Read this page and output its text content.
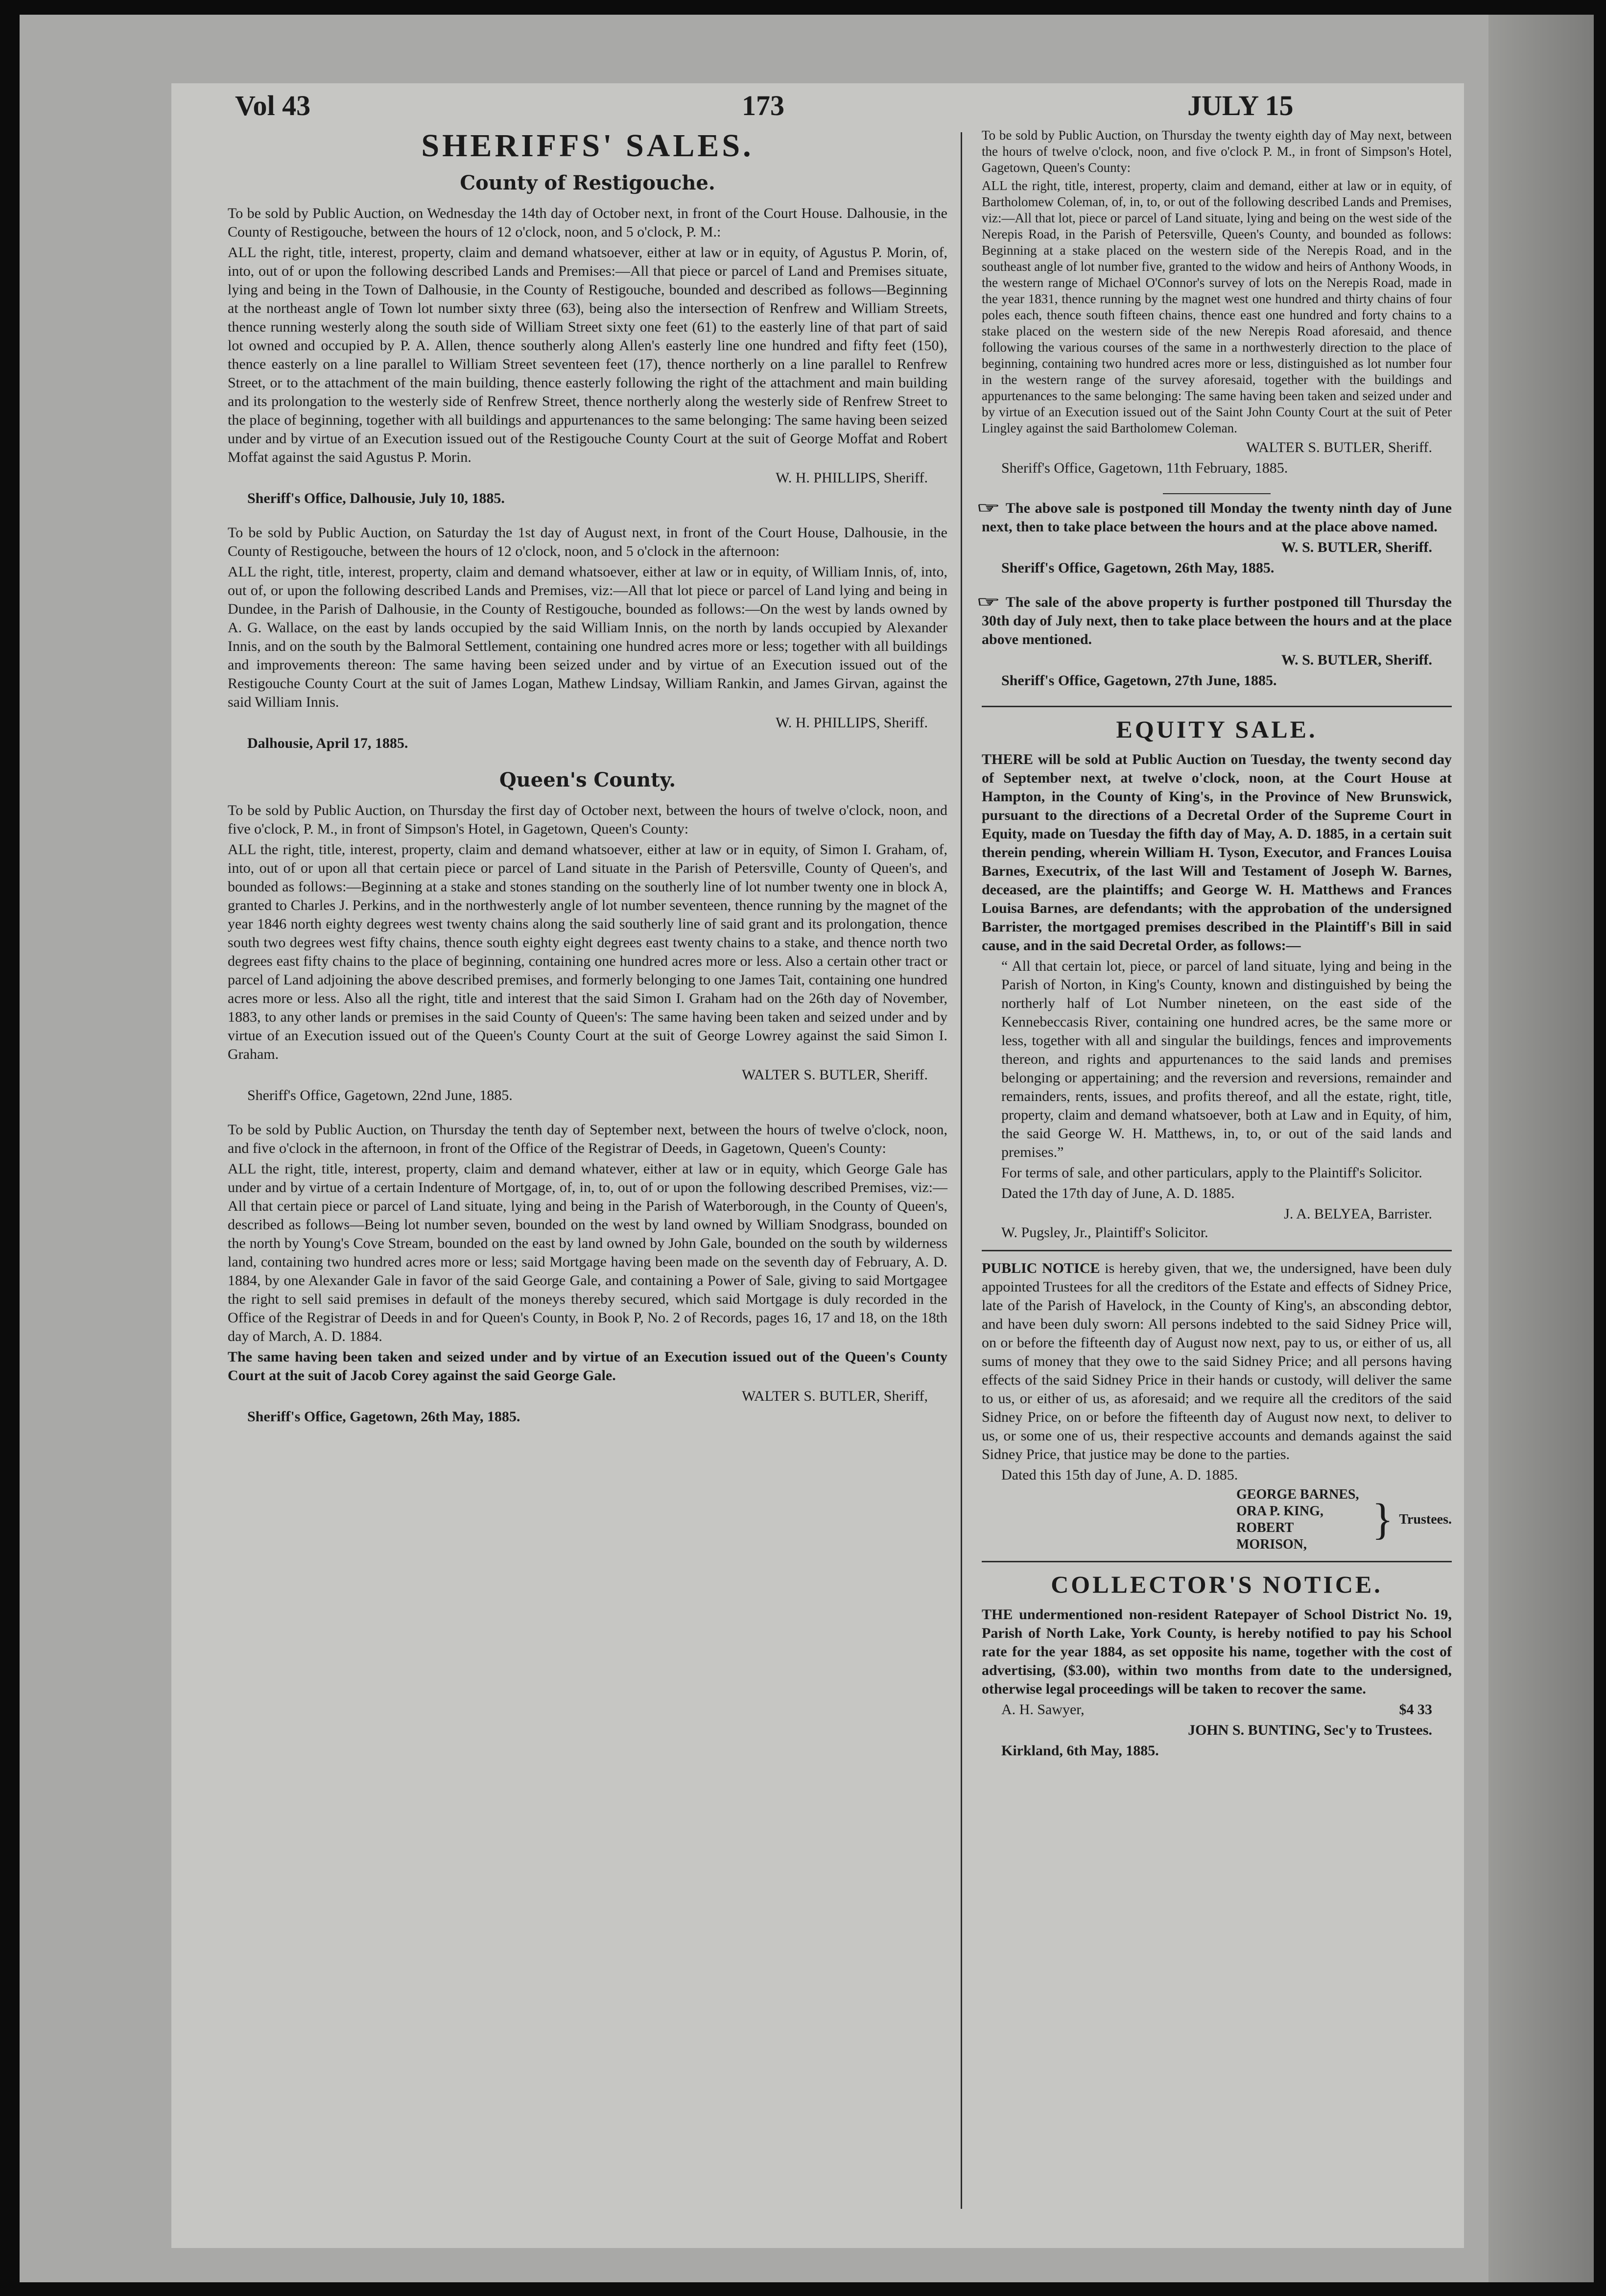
Vol 43	173	JULY 15
SHERIFFS' SALES.
County of Restigouche.

To be sold by Public Auction, on Wednesday the 14th day of October next, in front of the Court House. Dalhousie, in the County of Restigouche, between the hours of 12 o'clock, noon, and 5 o'clock, P. M.:

ALL the right, title, interest, property, claim and demand whatsoever, either at law or in equity, of Agustus P. Morin, of, into, out of or upon the following described Lands and Premises:—All that piece or parcel of Land and Premises situate, lying and being in the Town of Dalhousie, in the County of Restigouche, bounded and described as follows—Beginning at the northeast angle of Town lot number sixty three (63), being also the intersection of Renfrew and William Streets, thence running westerly along the south side of William Street sixty one feet (61) to the easterly line of that part of said lot owned and occupied by P. A. Allen, thence southerly along Allen's easterly line one hundred and fifty feet (150), thence easterly on a line parallel to William Street seventeen feet (17), thence northerly on a line parallel to Renfrew Street, or to the attachment of the main building, thence easterly following the right of the attachment and main building and its prolongation to the westerly side of Renfrew Street, thence northerly along the westerly side of Renfrew Street to the place of beginning, together with all buildings and appurtenances to the same belonging: The same having been seized under and by virtue of an Execution issued out of the Restigouche County Court at the suit of George Moffat and Robert Moffat against the said Agustus P. Morin.

W. H. PHILLIPS, Sheriff.

Sheriff's Office, Dalhousie, July 10, 1885.

To be sold by Public Auction, on Saturday the 1st day of August next, in front of the Court House, Dalhousie, in the County of Restigouche, between the hours of 12 o'clock, noon, and 5 o'clock in the afternoon:

ALL the right, title, interest, property, claim and demand whatsoever, either at law or in equity, of William Innis, of, into, out of, or upon the following described Lands and Premises, viz:—All that lot piece or parcel of Land lying and being in Dundee, in the Parish of Dalhousie, in the County of Restigouche, bounded as follows:—On the west by lands owned by A. G. Wallace, on the east by lands occupied by the said William Innis, on the north by lands occupied by Alexander Innis, and on the south by the Balmoral Settlement, containing one hundred acres more or less; together with all buildings and improvements thereon: The same having been seized under and by virtue of an Execution issued out of the Restigouche County Court at the suit of James Logan, Mathew Lindsay, William Rankin, and James Girvan, against the said William Innis.

W. H. PHILLIPS, Sheriff.

Dalhousie, April 17, 1885.

Queen's County.

To be sold by Public Auction, on Thursday the first day of October next, between the hours of twelve o'clock, noon, and five o'clock, P. M., in front of Simpson's Hotel, in Gagetown, Queen's County:

ALL the right, title, interest, property, claim and demand whatsoever, either at law or in equity, of Simon I. Graham, of, into, out of or upon all that certain piece or parcel of Land situate in the Parish of Petersville, County of Queen's, and bounded as follows:—Beginning at a stake and stones standing on the southerly line of lot number twenty one in block A, granted to Charles J. Perkins, and in the northwesterly angle of lot number seventeen, thence running by the magnet of the year 1846 north eighty degrees west twenty chains along the said southerly line of said grant and its prolongation, thence south two degrees west fifty chains, thence south eighty eight degrees east twenty chains to a stake, and thence north two degrees east fifty chains to the place of beginning, containing one hundred acres more or less. Also a certain other tract or parcel of Land adjoining the above described premises, and formerly belonging to one James Tait, containing one hundred acres more or less. Also all the right, title and interest that the said Simon I. Graham had on the 26th day of November, 1883, to any other lands or premises in the said County of Queen's: The same having been taken and seized under and by virtue of an Execution issued out of the Queen's County Court at the suit of George Lowrey against the said Simon I. Graham.

WALTER S. BUTLER, Sheriff.

Sheriff's Office, Gagetown, 22nd June, 1885.

To be sold by Public Auction, on Thursday the tenth day of September next, between the hours of twelve o'clock, noon, and five o'clock in the afternoon, in front of the Office of the Registrar of Deeds, in Gagetown, Queen's County:

ALL the right, title, interest, property, claim and demand whatever, either at law or in equity, which George Gale has under and by virtue of a certain Indenture of Mortgage, of, in, to, out of or upon the following described Premises, viz:—All that certain piece or parcel of Land situate, lying and being in the Parish of Waterborough, in the County of Queen's, described as follows—Being lot number seven, bounded on the west by land owned by William Snodgrass, bounded on the north by Young's Cove Stream, bounded on the east by land owned by John Gale, bounded on the south by wilderness land, containing two hundred acres more or less; said Mortgage having been made on the seventh day of February, A. D. 1884, by one Alexander Gale in favor of the said George Gale, and containing a Power of Sale, giving to said Mortgagee the right to sell said premises in default of the moneys thereby secured, which said Mortgage is duly recorded in the Office of the Registrar of Deeds in and for Queen's County, in Book P, No. 2 of Records, pages 16, 17 and 18, on the 18th day of March, A. D. 1884.

The same having been taken and seized under and by virtue of an Execution issued out of the Queen's County Court at the suit of Jacob Corey against the said George Gale.

WALTER S. BUTLER, Sheriff,

Sheriff's Office, Gagetown, 26th May, 1885.

To be sold by Public Auction, on Thursday the twenty eighth day of May next, between the hours of twelve o'clock, noon, and five o'clock P. M., in front of Simpson's Hotel, Gagetown, Queen's County:

ALL the right, title, interest, property, claim and demand, either at law or in equity, of Bartholomew Coleman, of, in, to, or out of the following described Lands and Premises, viz:—All that lot, piece or parcel of Land situate, lying and being on the west side of the Nerepis Road, in the Parish of Petersville, Queen's County, and bounded as follows: Beginning at a stake placed on the western side of the Nerepis Road, and in the southeast angle of lot number five, granted to the widow and heirs of Anthony Woods, in the western range of Michael O'Connor's survey of lots on the Nerepis Road, made in the year 1831, thence running by the magnet west one hundred and thirty chains of four poles each, thence south fifteen chains, thence east one hundred and forty chains to a stake placed on the western side of the new Nerepis Road aforesaid, and thence following the various courses of the same in a northwesterly direction to the place of beginning, containing two hundred acres more or less, distinguished as lot number four in the western range of the survey aforesaid, together with the buildings and appurtenances to the same belonging: The same having been taken and seized under and by virtue of an Execution issued out of the Saint John County Court at the suit of Peter Lingley against the said Bartholomew Coleman.

WALTER S. BUTLER, Sheriff.

Sheriff's Office, Gagetown, 11th February, 1885.

☞ The above sale is postponed till Monday the twenty ninth day of June next, then to take place between the hours and at the place above named.

W. S. BUTLER, Sheriff.

Sheriff's Office, Gagetown, 26th May, 1885.

☞ The sale of the above property is further postponed till Thursday the 30th day of July next, then to take place between the hours and at the place above mentioned.

W. S. BUTLER, Sheriff.

Sheriff's Office, Gagetown, 27th June, 1885.

EQUITY SALE.

THERE will be sold at Public Auction on Tuesday, the twenty second day of September next, at twelve o'clock, noon, at the Court House at Hampton, in the County of King's, in the Province of New Brunswick, pursuant to the directions of a Decretal Order of the Supreme Court in Equity, made on Tuesday the fifth day of May, A. D. 1885, in a certain suit therein pending, wherein William H. Tyson, Executor, and Frances Louisa Barnes, Executrix, of the last Will and Testament of Joseph W. Barnes, deceased, are the plaintiffs; and George W. H. Matthews and Frances Louisa Barnes, are defendants; with the approbation of the undersigned Barrister, the mortgaged premises described in the Plaintiff's Bill in said cause, and in the said Decretal Order, as follows:—

“ All that certain lot, piece, or parcel of land situate, lying and being in the Parish of Norton, in King's County, known and distinguished by being the northerly half of Lot Number nineteen, on the east side of the Kennebeccasis River, containing one hundred acres, be the same more or less, together with all and singular the buildings, fences and improvements thereon, and rights and appurtenances to the said lands and premises belonging or appertaining; and the reversion and reversions, remainder and remainders, rents, issues, and profits thereof, and all the estate, right, title, property, claim and demand whatsoever, both at Law and in Equity, of him, the said George W. H. Matthews, in, to, or out of the said lands and premises.”

For terms of sale, and other particulars, apply to the Plaintiff's Solicitor.

Dated the 17th day of June, A. D. 1885.

J. A. BELYEA, Barrister.

W. Pugsley, Jr., Plaintiff's Solicitor.

PUBLIC NOTICE is hereby given, that we, the undersigned, have been duly appointed Trustees for all the creditors of the Estate and effects of Sidney Price, late of the Parish of Havelock, in the County of King's, an absconding debtor, and have been duly sworn: All persons indebted to the said Sidney Price will, on or before the fifteenth day of August now next, pay to us, or either of us, all sums of money that they owe to the said Sidney Price; and all persons having effects of the said Sidney Price in their hands or custody, will deliver the same to us, or either of us, as aforesaid; and we require all the creditors of the said Sidney Price, on or before the fifteenth day of August now next, to deliver to us, or some one of us, their respective accounts and demands against the said Sidney Price, that justice may be done to the parties.

Dated this 15th day of June, A. D. 1885.

GEORGE BARNES,
ORA P. KING,
ROBERT MORISON,
} Trustees.
COLLECTOR'S NOTICE.

THE undermentioned non-resident Ratepayer of School District No. 19, Parish of North Lake, York County, is hereby notified to pay his School rate for the year 1884, as set opposite his name, together with the cost of advertising, ($3.00), within two months from date to the undersigned, otherwise legal proceedings will be taken to recover the same.

A. H. Sawyer,	$4 33

JOHN S. BUNTING, Sec'y to Trustees.

Kirkland, 6th May, 1885.
